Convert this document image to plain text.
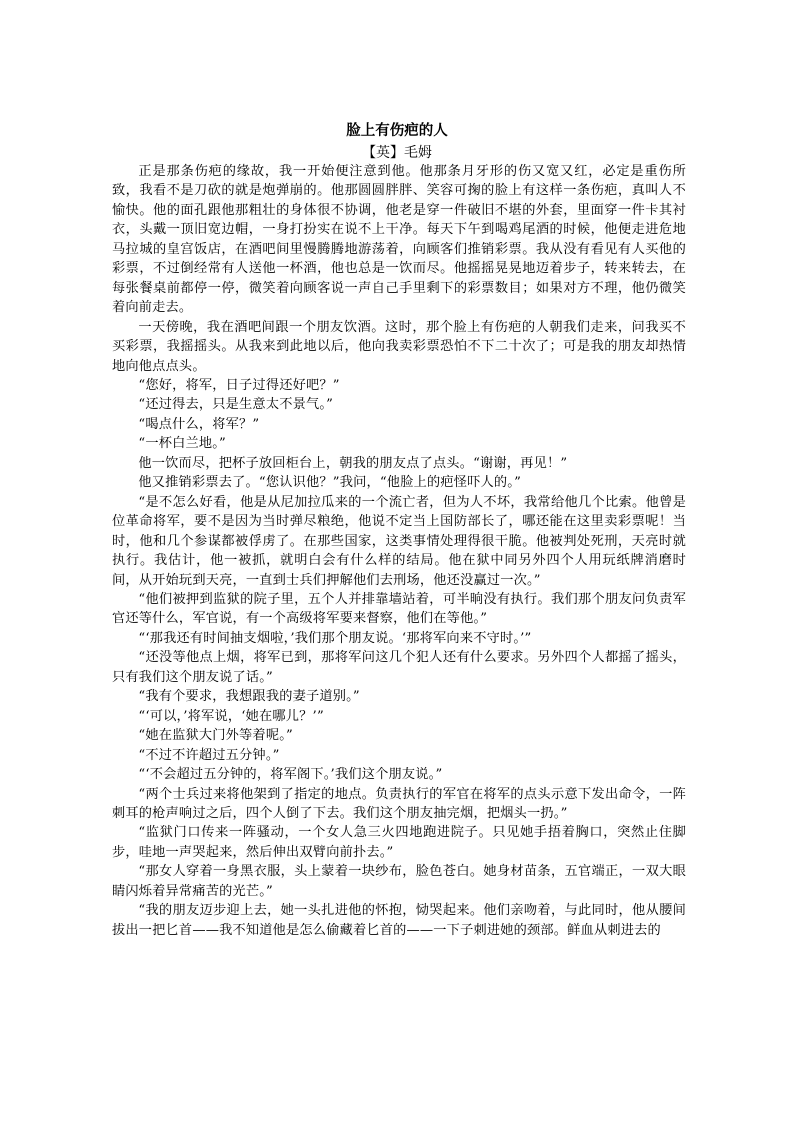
脸上有伤疤的人
【英】毛姆

正是那条伤疤的缘故，我一开始便注意到他。他那条月牙形的伤又宽又红，必定是重伤所致，我看不是刀砍的就是炮弹崩的。他那圆圆胖胖、笑容可掬的脸上有这样一条伤疤，真叫人不愉快。他的面孔跟他那粗壮的身体很不协调，他老是穿一件破旧不堪的外套，里面穿一件卡其衬衣，头戴一顶旧宽边帽，一身打扮实在说不上干净。每天下午到喝鸡尾酒的时候，他便走进危地马拉城的皇宫饭店，在酒吧间里慢腾腾地游荡着，向顾客们推销彩票。我从没有看见有人买他的彩票，不过倒经常有人送他一杯酒，他也总是一饮而尽。他摇摇晃晃地迈着步子，转来转去，在每张餐桌前都停一停，微笑着向顾客说一声自己手里剩下的彩票数目；如果对方不理，他仍微笑着向前走去。

一天傍晚，我在酒吧间跟一个朋友饮酒。这时，那个脸上有伤疤的人朝我们走来，问我买不买彩票，我摇摇头。从我来到此地以后，他向我卖彩票恐怕不下二十次了；可是我的朋友却热情地向他点点头。

“您好，将军，日子过得还好吧？”

“还过得去，只是生意太不景气。”

“喝点什么，将军？”

“一杯白兰地。”

他一饮而尽，把杯子放回柜台上，朝我的朋友点了点头。“谢谢，再见！”

他又推销彩票去了。“您认识他？”我问，“他脸上的疤怪吓人的。”

“是不怎么好看，他是从尼加拉瓜来的一个流亡者，但为人不坏，我常给他几个比索。他曾是位革命将军，要不是因为当时弹尽粮绝，他说不定当上国防部长了，哪还能在这里卖彩票呢！当时，他和几个参谋都被俘虏了。在那些国家，这类事情处理得很干脆。他被判处死刑，天亮时就执行。我估计，他一被抓，就明白会有什么样的结局。他在狱中同另外四个人用玩纸牌消磨时间，从开始玩到天亮，一直到士兵们押解他们去刑场，他还没赢过一次。”

“他们被押到监狱的院子里，五个人并排靠墙站着，可半晌没有执行。我们那个朋友问负责军官还等什么，军官说，有一个高级将军要来督察，他们在等他。”

“‘那我还有时间抽支烟啦，’我们那个朋友说。‘那将军向来不守时。’”

“还没等他点上烟，将军已到，那将军问这几个犯人还有什么要求。另外四个人都摇了摇头，只有我们这个朋友说了话。”

“我有个要求，我想跟我的妻子道别。”

“‘可以，’将军说，‘她在哪儿？’”

“她在监狱大门外等着呢。”

“不过不许超过五分钟。”

“‘不会超过五分钟的，将军阁下。’我们这个朋友说。”

“两个士兵过来将他架到了指定的地点。负责执行的军官在将军的点头示意下发出命令，一阵刺耳的枪声响过之后，四个人倒了下去。我们这个朋友抽完烟，把烟头一扔。”

“监狱门口传来一阵骚动，一个女人急三火四地跑进院子。只见她手捂着胸口，突然止住脚步，哇地一声哭起来，然后伸出双臂向前扑去。”

“那女人穿着一身黑衣服，头上蒙着一块纱布，脸色苍白。她身材苗条，五官端正，一双大眼睛闪烁着异常痛苦的光芒。”

“我的朋友迈步迎上去，她一头扎进他的怀抱，恸哭起来。他们亲吻着，与此同时，他从腰间拔出一把匕首——我不知道他是怎么偷藏着匕首的——一下子刺进她的颈部。鲜血从刺进去的
